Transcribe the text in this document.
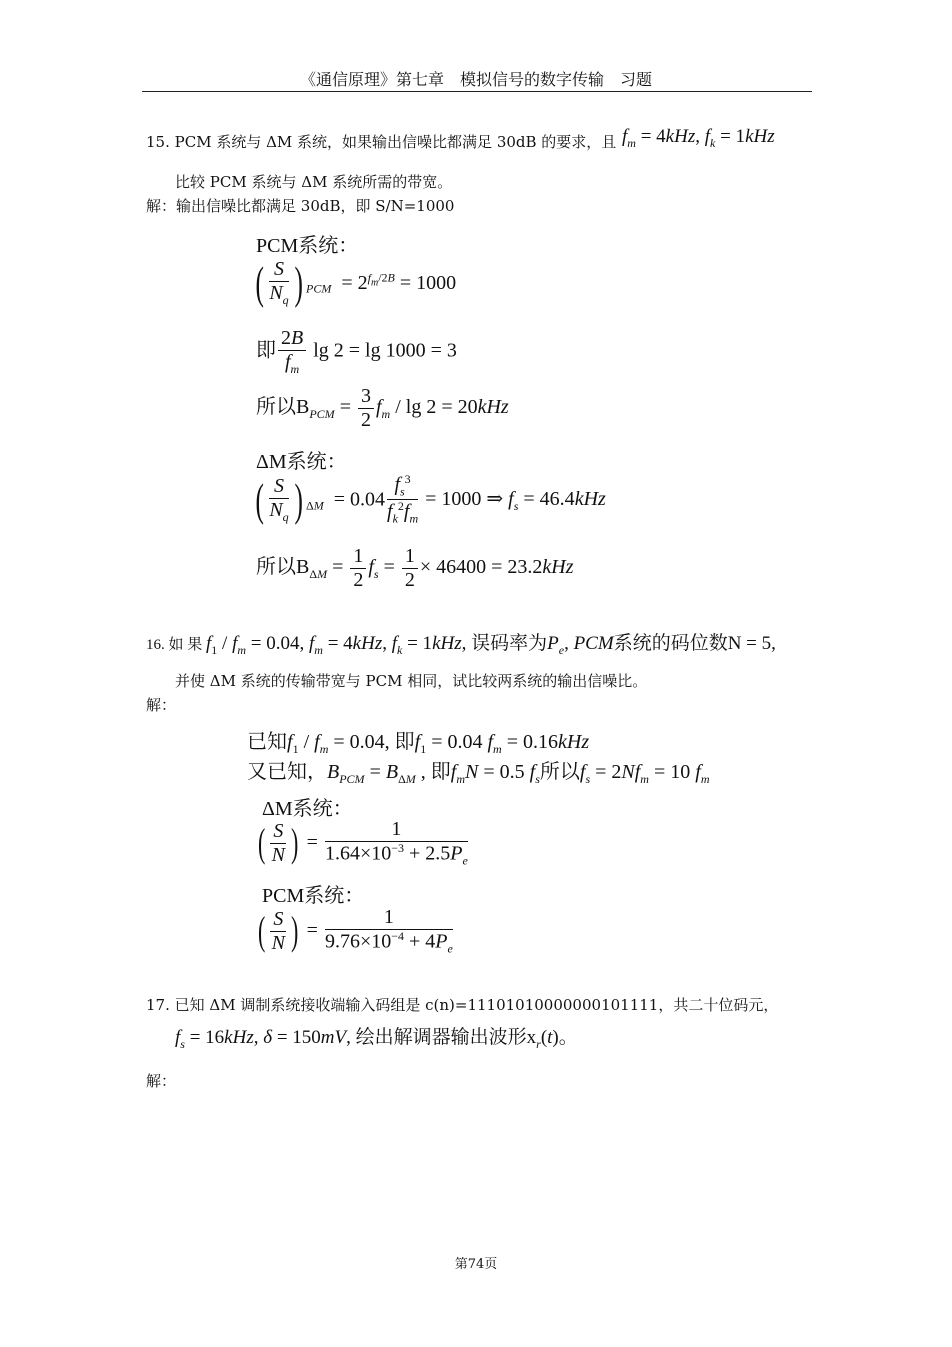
《通信原理》第七章　模拟信号的数字传输　习题
15. PCM 系统与 ΔM 系统，如果输出信噪比都满足 30dB 的要求，且 $f_m = 4kHz$, $f_k = 1kHz$
比较 PCM 系统与 ΔM 系统所需的带宽。
解：输出信噪比都满足 30dB，即 S/N=1000
PCM系统：
( $\frac{S}{N_q}$ ) $_{PCM} = 2^{f_m/2B} = 1000$
即 $\frac{2B}{f_m}$ lg 2 = lg 1000 = 3
所以$B_{PCM} = \frac{3}{2} f_m / \lg 2 = 20kHz$
ΔM系统：
( $\frac{S}{N_q}$ ) $_{\Delta M} = 0.04 \frac{f_s^3}{f_k^2f_m} = 1000$ ⇒ $f_s = 46.4kHz$
所以$B_{\Delta M} = \frac{1}{2} f_s = \frac{1}{2} \times 46400 = 23.2kHz$
16. 如 果 $f_1 / f_m = 0.04$, $f_m = 4kHz$, $f_k = 1kHz$, 误码率为$P_e$, PCM系统的码位数N = 5,
并使 ΔM 系统的传输带宽与 PCM 相同，试比较两系统的输出信噪比。
解：
已知$f_1 / f_m = 0.04$, 即$f_1 = 0.04$ $f_m = 0.16kHz$
又已知，$B_{PCM} = B_{\Delta M}$ , 即$f_mN = 0.5$ $f_s$所以$f_s = 2Nf_m = 10$ $f_m$
ΔM系统：
( $\frac{S}{N}$ ) = $\frac{1}{1.64\times 10^{-3} + 2.5P_e}$
PCM系统：
( $\frac{S}{N}$ ) = $\frac{1}{9.76\times 10^{-4} + 4P_e}$
17. 已知 ΔM 调制系统接收端输入码组是 c(n)=11101010000000101111，共二十位码元，
$f_s = 16kHz$, δ = 150mV, 绘出解调器输出波形$x_r(t)$。
解：
第74页
